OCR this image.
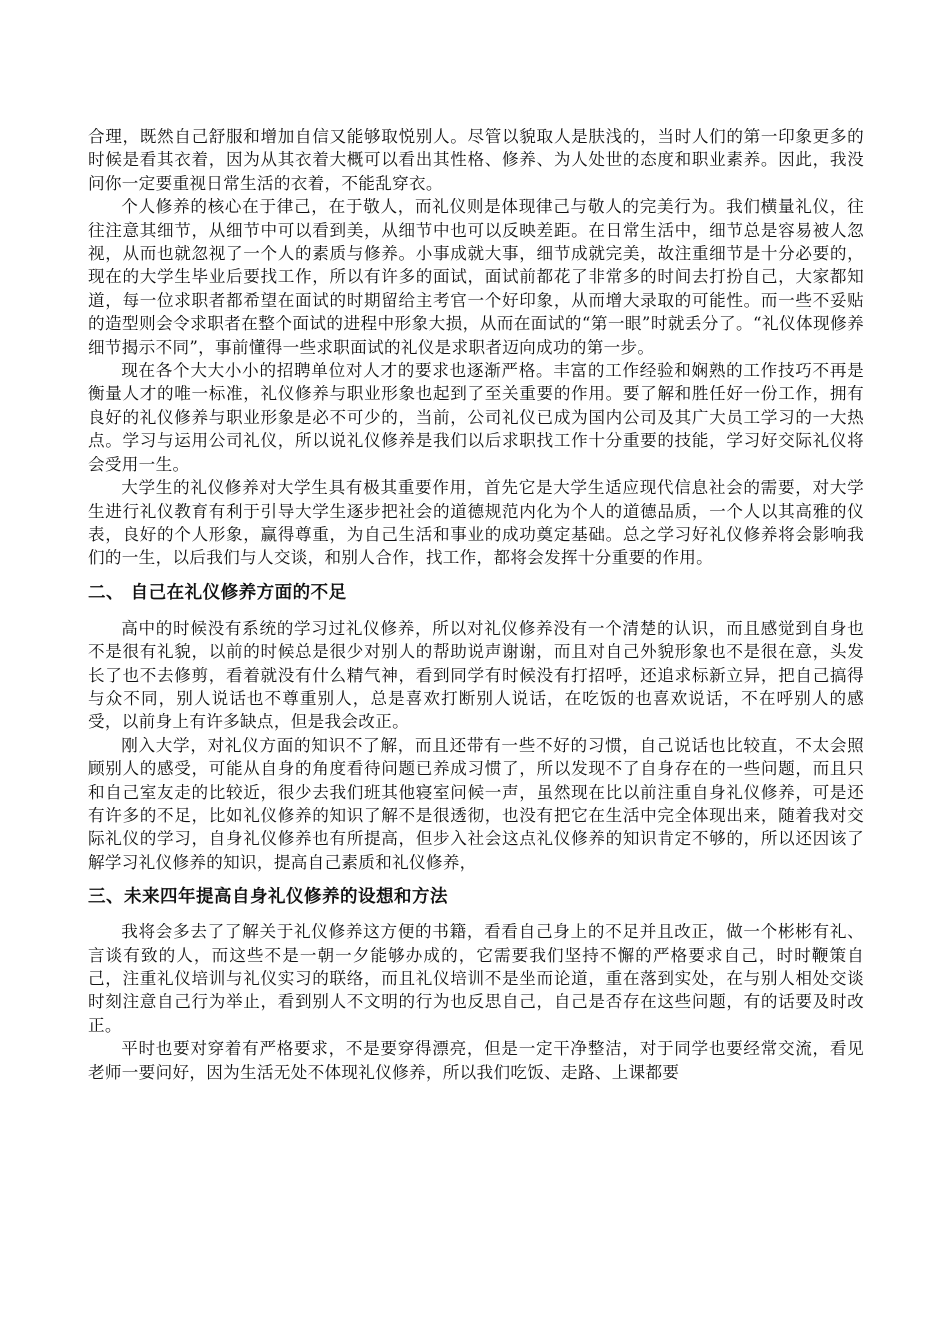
合理，既然自己舒服和增加自信又能够取悦别人。尽管以貌取人是肤浅的，当时人们的第一印象更多的时候是看其衣着，因为从其衣着大概可以看出其性格、修养、为人处世的态度和职业素养。因此，我没问你一定要重视日常生活的衣着，不能乱穿衣。

个人修养的核心在于律己，在于敬人，而礼仪则是体现律己与敬人的完美行为。我们横量礼仪，往往注意其细节，从细节中可以看到美，从细节中也可以反映差距。在日常生活中，细节总是容易被人忽视，从而也就忽视了一个人的素质与修养。小事成就大事，细节成就完美，故注重细节是十分必要的，现在的大学生毕业后要找工作，所以有许多的面试，面试前都花了非常多的时间去打扮自己，大家都知道，每一位求职者都希望在面试的时期留给主考官一个好印象，从而增大录取的可能性。而一些不妥贴的造型则会令求职者在整个面试的进程中形象大损，从而在面试的“第一眼”时就丢分了。“礼仪体现修养细节揭示不同”，事前懂得一些求职面试的礼仪是求职者迈向成功的第一步。

现在各个大大小小的招聘单位对人才的要求也逐渐严格。丰富的工作经验和娴熟的工作技巧不再是衡量人才的唯一标准，礼仪修养与职业形象也起到了至关重要的作用。要了解和胜任好一份工作，拥有良好的礼仪修养与职业形象是必不可少的，当前，公司礼仪已成为国内公司及其广大员工学习的一大热点。学习与运用公司礼仪，所以说礼仪修养是我们以后求职找工作十分重要的技能，学习好交际礼仪将会受用一生。

大学生的礼仪修养对大学生具有极其重要作用，首先它是大学生适应现代信息社会的需要，对大学生进行礼仪教育有利于引导大学生逐步把社会的道德规范内化为个人的道德品质，一个人以其高雅的仪表，良好的个人形象，赢得尊重，为自己生活和事业的成功奠定基础。总之学习好礼仪修养将会影响我们的一生，以后我们与人交谈，和别人合作，找工作，都将会发挥十分重要的作用。

二、 自己在礼仪修养方面的不足

高中的时候没有系统的学习过礼仪修养，所以对礼仪修养没有一个清楚的认识，而且感觉到自身也不是很有礼貌，以前的时候总是很少对别人的帮助说声谢谢，而且对自己外貌形象也不是很在意，头发长了也不去修剪，看着就没有什么精气神，看到同学有时候没有打招呼，还追求标新立异，把自己搞得与众不同，别人说话也不尊重别人，总是喜欢打断别人说话，在吃饭的也喜欢说话，不在呼别人的感受，以前身上有许多缺点，但是我会改正。

刚入大学，对礼仪方面的知识不了解，而且还带有一些不好的习惯，自己说话也比较直，不太会照顾别人的感受，可能从自身的角度看待问题已养成习惯了，所以发现不了自身存在的一些问题，而且只和自己室友走的比较近，很少去我们班其他寝室问候一声，虽然现在比以前注重自身礼仪修养，可是还有许多的不足，比如礼仪修养的知识了解不是很透彻，也没有把它在生活中完全体现出来，随着我对交际礼仪的学习，自身礼仪修养也有所提高，但步入社会这点礼仪修养的知识肯定不够的，所以还因该了解学习礼仪修养的知识，提高自己素质和礼仪修养，

三、未来四年提高自身礼仪修养的设想和方法

我将会多去了了解关于礼仪修养这方便的书籍，看看自己身上的不足并且改正，做一个彬彬有礼、言谈有致的人，而这些不是一朝一夕能够办成的，它需要我们坚持不懈的严格要求自己，时时鞭策自己，注重礼仪培训与礼仪实习的联络，而且礼仪培训不是坐而论道，重在落到实处，在与别人相处交谈时刻注意自己行为举止，看到别人不文明的行为也反思自己，自己是否存在这些问题，有的话要及时改正。

平时也要对穿着有严格要求，不是要穿得漂亮，但是一定干净整洁，对于同学也要经常交流，看见老师一要问好，因为生活无处不体现礼仪修养，所以我们吃饭、走路、上课都要
